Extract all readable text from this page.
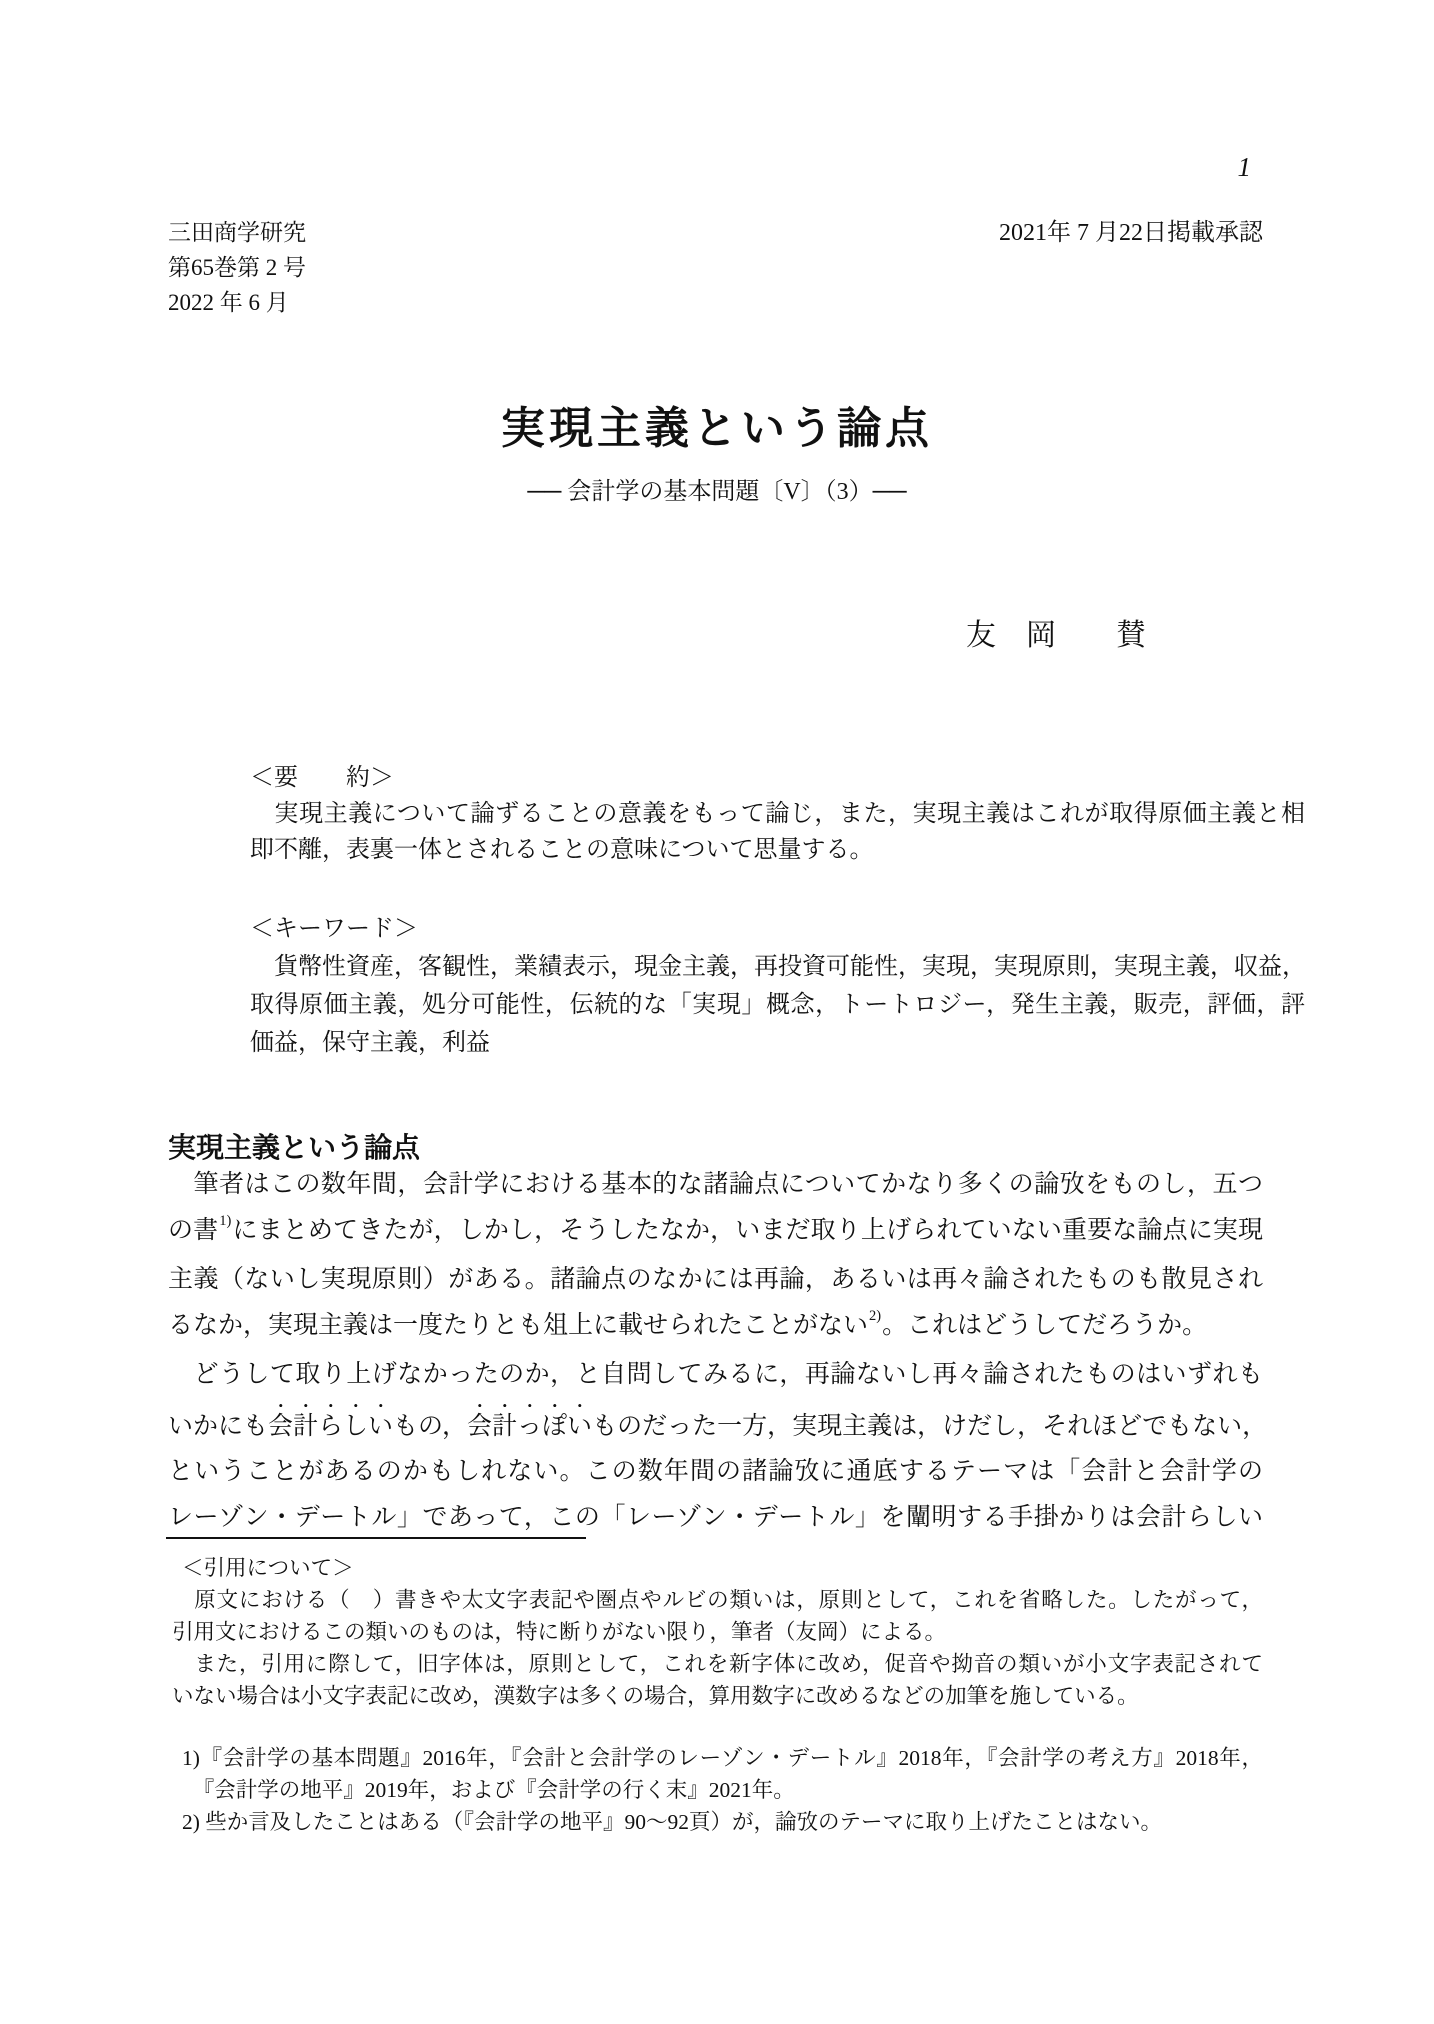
三田商学研究
第65巻第 2 号
2022 年 6 月
1
2021年 7 月22日掲載承認
実現主義という論点
── 会計学の基本問題〔V〕（3）──
友　岡　　賛
＜要　　約＞
　実現主義について論ずることの意義をもって論じ，また，実現主義はこれが取得原価主義と相
即不離，表裏一体とされることの意味について思量する。
＜キーワード＞
　貨幣性資産，客観性，業績表示，現金主義，再投資可能性，実現，実現原則，実現主義，収益，
取得原価主義，処分可能性，伝統的な「実現」概念，トートロジー，発生主義，販売，評価，評
価益，保守主義，利益
実現主義という論点
　筆者はこの数年間，会計学における基本的な諸論点についてかなり多くの論攷をものし，五つ
の書$^{1)}$にまとめてきたが，しかし，そうしたなか，いまだ取り上げられていない重要な論点に実現
主義（ないし実現原則）がある。諸論点のなかには再論，あるいは再々論されたものも散見され
るなか，実現主義は一度たりとも俎上に載せられたことがない$^{2)}$。これはどうしてだろうか。
　どうして取り上げなかったのか，と自問してみるに，再論ないし再々論されたものはいずれも
いかにも会計らしいもの，会計っぽいものだった一方，実現主義は，けだし，それほどでもない，
ということがあるのかもしれない。この数年間の諸論攷に通底するテーマは「会計と会計学の
レーゾン・デートル」であって，この「レーゾン・デートル」を闡明する手掛かりは会計らしい
＜引用について＞
　原文における（　）書きや太文字表記や圏点やルビの類いは，原則として，これを省略した。したがって，
引用文におけるこの類いのものは，特に断りがない限り，筆者（友岡）による。
　また，引用に際して，旧字体は，原則として，これを新字体に改め，促音や拗音の類いが小文字表記されて
いない場合は小文字表記に改め，漢数字は多くの場合，算用数字に改めるなどの加筆を施している。
1)『会計学の基本問題』2016年，『会計と会計学のレーゾン・デートル』2018年，『会計学の考え方』2018年，
　『会計学の地平』2019年，および『会計学の行く末』2021年。
2) 些か言及したことはある（『会計学の地平』90～92頁）が，論攷のテーマに取り上げたことはない。
